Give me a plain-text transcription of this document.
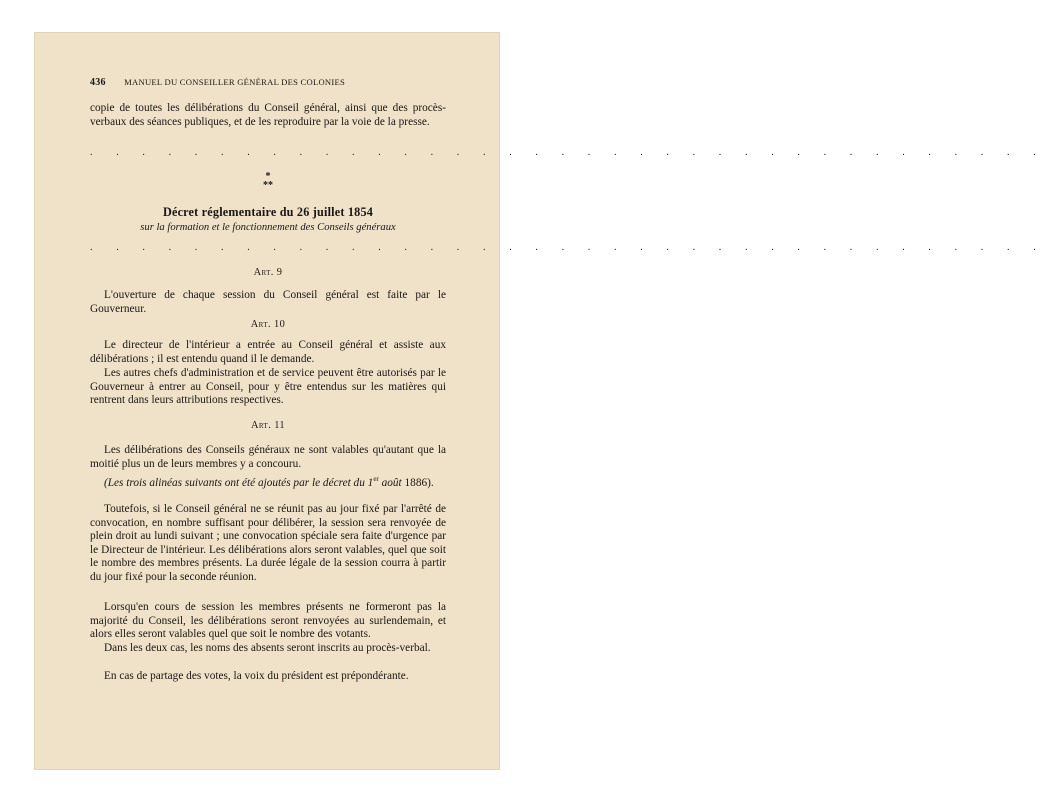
436 MANUEL DU CONSEILLER GÉNÉRAL DES COLONIES

copie de toutes les délibérations du Conseil général, ainsi que des procès-verbaux des séances publiques, et de les reproduire par la voie de la presse.

. . . . . . . . . . . . . . . . . . . . . . . . . . . . . . . . . . . . .
*
**

Décret réglementaire du 26 juillet 1854

sur la formation et le fonctionnement des Conseils généraux

. . . . . . . . . . . . . . . . . . . . . . . . . . . . . . . . . . . . .

Art. 9

L'ouverture de chaque session du Conseil général est faite par le Gouverneur.

Art. 10

Le directeur de l'intérieur a entrée au Conseil général et assiste aux délibérations ; il est entendu quand il le demande.

Les autres chefs d'administration et de service peuvent être autorisés par le Gouverneur à entrer au Conseil, pour y être entendus sur les matières qui rentrent dans leurs attributions respectives.

Art. 11

Les délibérations des Conseils généraux ne sont valables qu'autant que la moitié plus un de leurs membres y a concouru.

(Les trois alinéas suivants ont été ajoutés par le décret du 1er août 1886).

Toutefois, si le Conseil général ne se réunit pas au jour fixé par l'arrêté de convocation, en nombre suffisant pour délibérer, la session sera renvoyée de plein droit au lundi suivant ; une convocation spéciale sera faite d'urgence par le Directeur de l'intérieur. Les délibérations alors seront valables, quel que soit le nombre des membres présents. La durée légale de la session courra à partir du jour fixé pour la seconde réunion.

Lorsqu'en cours de session les membres présents ne formeront pas la majorité du Conseil, les délibérations seront renvoyées au surlendemain, et alors elles seront valables quel que soit le nombre des votants.

Dans les deux cas, les noms des absents seront inscrits au procès-verbal.

En cas de partage des votes, la voix du président est prépondérante.
